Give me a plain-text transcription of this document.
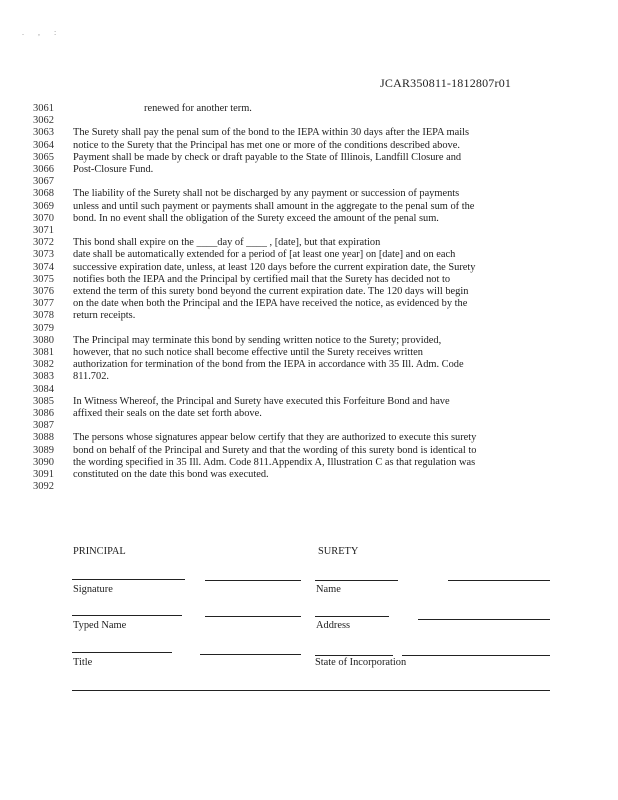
. , :
JCAR350811-1812807r01
3061	renewed for another term.
3062
3063 The Surety shall pay the penal sum of the bond to the IEPA within 30 days after the IEPA mails
3064 notice to the Surety that the Principal has met one or more of the conditions described above.
3065 Payment shall be made by check or draft payable to the State of Illinois, Landfill Closure and
3066 Post-Closure Fund.
3067
3068 The liability of the Surety shall not be discharged by any payment or succession of payments
3069 unless and until such payment or payments shall amount in the aggregate to the penal sum of the
3070 bond. In no event shall the obligation of the Surety exceed the amount of the penal sum.
3071
3072 This bond shall expire on the ____day of ____ , [date], but that expiration
3073 date shall be automatically extended for a period of [at least one year] on [date] and on each
3074 successive expiration date, unless, at least 120 days before the current expiration date, the Surety
3075 notifies both the IEPA and the Principal by certified mail that the Surety has decided not to
3076 extend the term of this surety bond beyond the current expiration date. The 120 days will begin
3077 on the date when both the Principal and the IEPA have received the notice, as evidenced by the
3078 return receipts.
3079
3080 The Principal may terminate this bond by sending written notice to the Surety; provided,
3081 however, that no such notice shall become effective until the Surety receives written
3082 authorization for termination of the bond from the IEPA in accordance with 35 Ill. Adm. Code
3083 811.702.
3084
3085 In Witness Whereof, the Principal and Surety have executed this Forfeiture Bond and have
3086 affixed their seals on the date set forth above.
3087
3088 The persons whose signatures appear below certify that they are authorized to execute this surety
3089 bond on behalf of the Principal and Surety and that the wording of this surety bond is identical to
3090 the wording specified in 35 Ill. Adm. Code 811.Appendix A, Illustration C as that regulation was
3091 constituted on the date this bond was executed.
3092
PRINCIPAL	SURETY
Signature	Name
Typed Name	Address
Title	State of Incorporation
